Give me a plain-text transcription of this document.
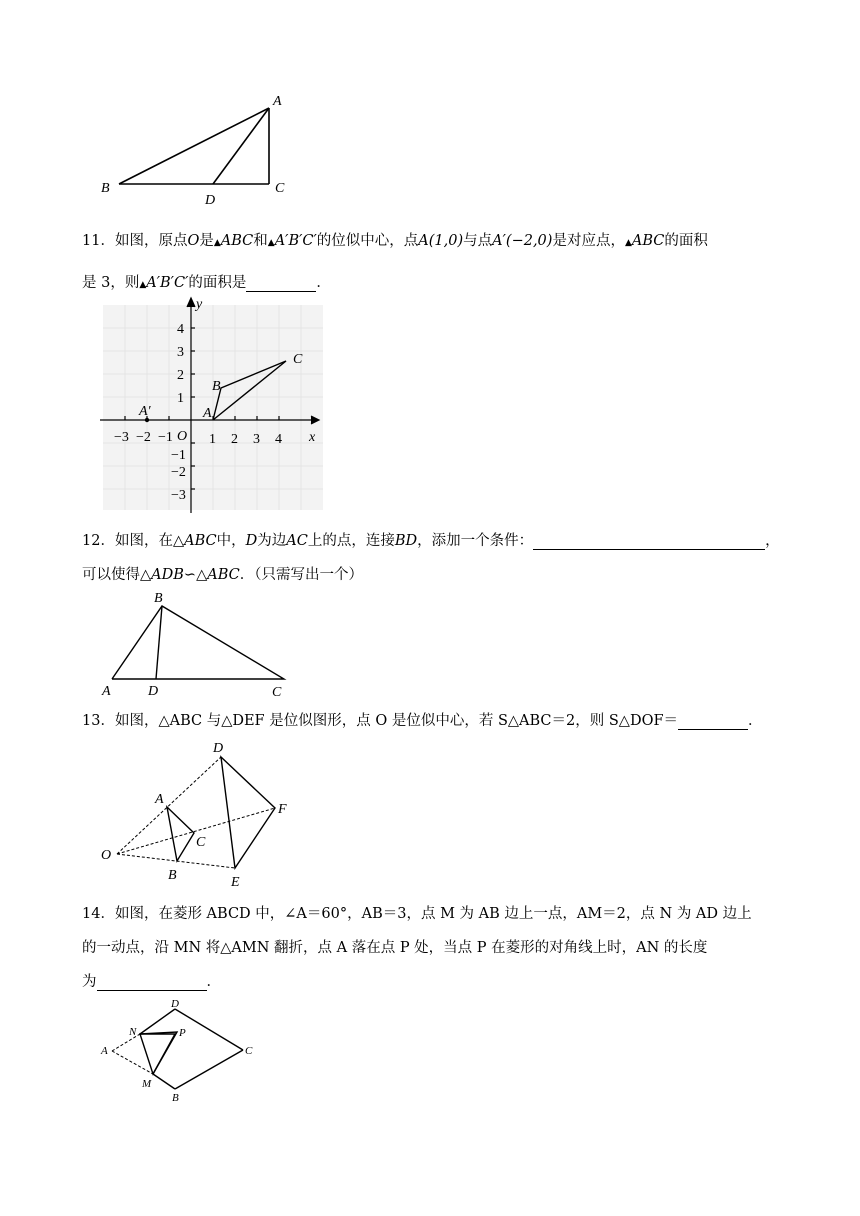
A
B	C
D
11．如图，原点O是▲ABC和▲A′B′C′的位似中心，点A(1,0)与点A′(−2,0)是对应点，▲ABC的面积
是 3，则▲A′B′C′的面积是	．
y
x
O
−3 −2 −1	1 2 3 4
4
3
2
1
−1
−2
−3
A
B
C
A′
12．如图，在△ABC中，D为边AC上的点，连接BD，添加一个条件：	，
可以使得△ADB∽△ABC．（只需写出一个）
B
A	D	C
13．如图，△ABC 与△DEF 是位似图形，点 O 是位似中心，若 S△ABC＝2，则 S△DOF＝	．
O
A
C
B
D
F
E
14．如图，在菱形 ABCD 中，∠A＝60°，AB＝3，点 M 为 AB 边上一点，AM＝2，点 N 为 AD 边上
的一动点，沿 MN 将△AMN 翻折，点 A 落在点 P 处，当点 P 在菱形的对角线上时，AN 的长度
为	．
D
N	P
A	C
M
B
